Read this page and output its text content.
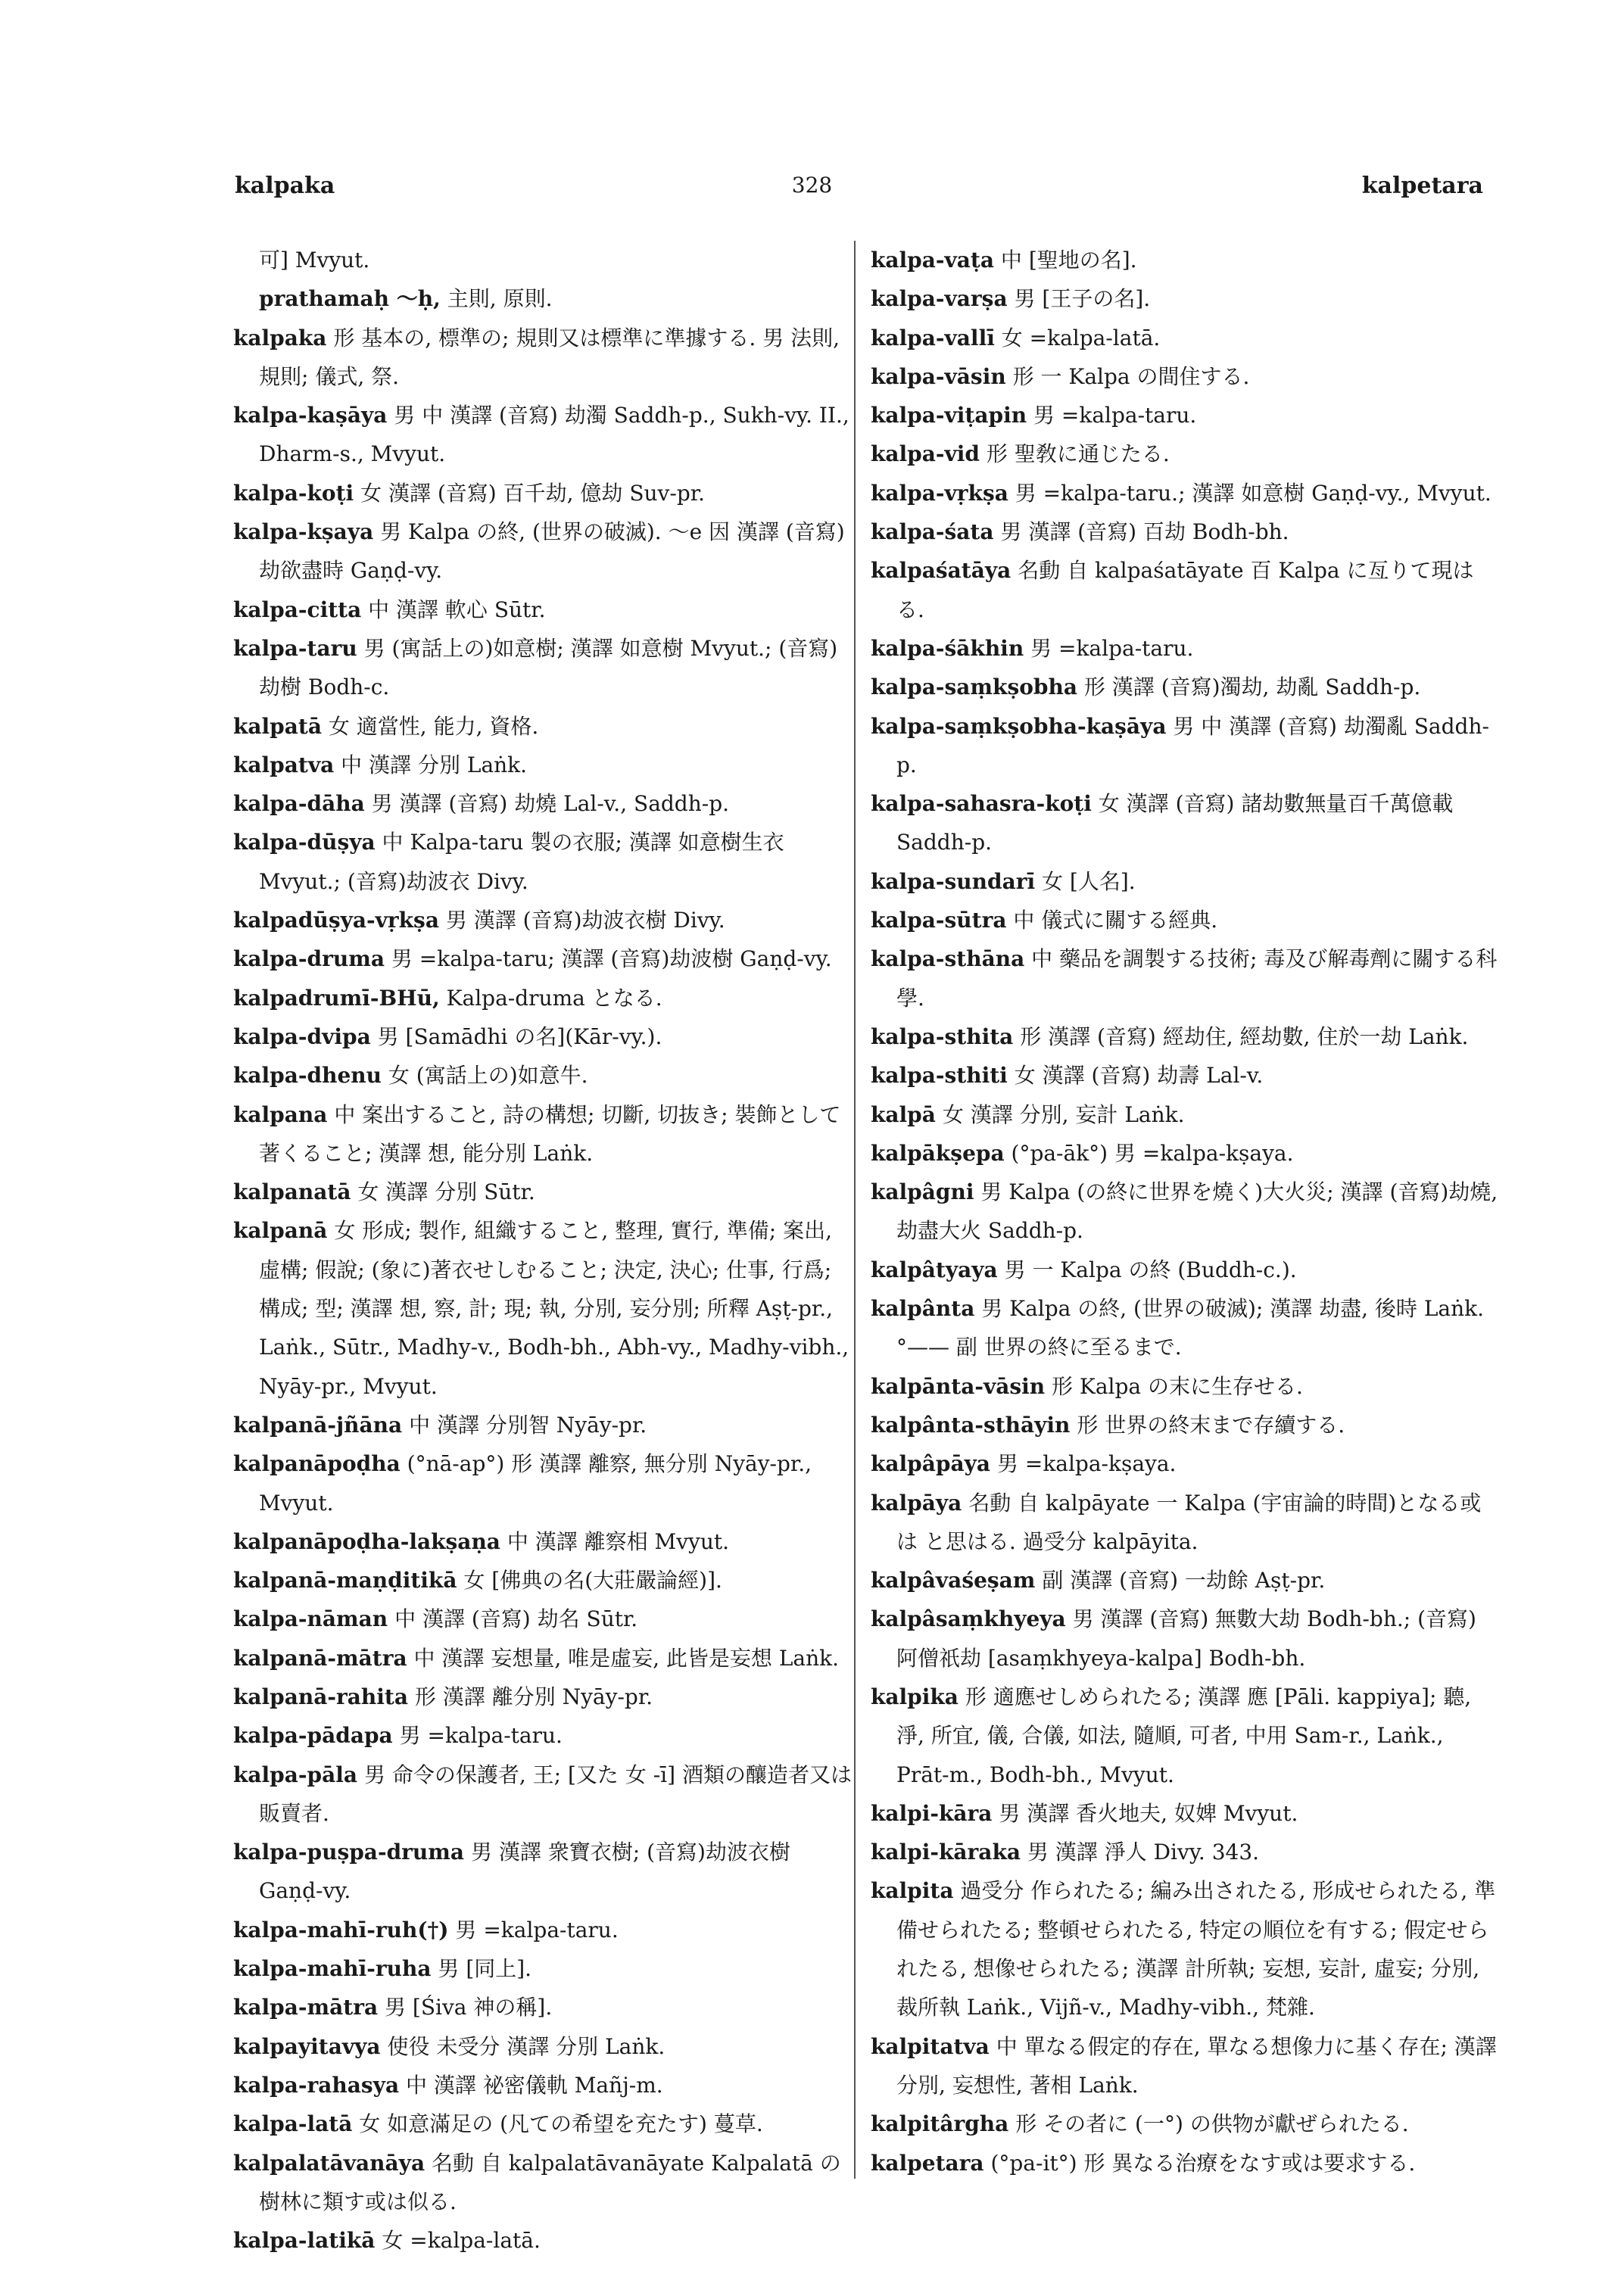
kalpaka	328	kalpetara

可] Mvyut.

prathamaḥ ～ḥ, 主則, 原則.

kalpaka 形 基本の, 標準の; 規則又は標準に準據する. 男 法則, 規則; 儀式, 祭.

kalpa-kaṣāya 男 中 漢譯 (音寫) 劫濁 Saddh-p., Sukh-vy. II., Dharm-s., Mvyut.

kalpa-koṭi 女 漢譯 (音寫) 百千劫, 億劫 Suv-pr.

kalpa-kṣaya 男 Kalpa の終, (世界の破滅). ～e 因 漢譯 (音寫) 劫欲盡時 Gaṇḍ-vy.

kalpa-citta 中 漢譯 軟心 Sūtr.

kalpa-taru 男 (寓話上の)如意樹; 漢譯 如意樹 Mvyut.; (音寫)劫樹 Bodh-c.

kalpatā 女 適當性, 能力, 資格.

kalpatva 中 漢譯 分別 Laṅk.

kalpa-dāha 男 漢譯 (音寫) 劫燒 Lal-v., Saddh-p.

kalpa-dūṣya 中 Kalpa-taru 製の衣服; 漢譯 如意樹生衣 Mvyut.; (音寫)劫波衣 Divy.

kalpadūṣya-vṛkṣa 男 漢譯 (音寫)劫波衣樹 Divy.

kalpa-druma 男 =kalpa-taru; 漢譯 (音寫)劫波樹 Gaṇḍ-vy.

kalpadrumī-BHū, Kalpa-druma となる.

kalpa-dvipa 男 [Samādhi の名](Kār-vy.).

kalpa-dhenu 女 (寓話上の)如意牛.

kalpana 中 案出すること, 詩の構想; 切斷, 切抜き; 裝飾として著くること; 漢譯 想, 能分別 Laṅk.

kalpanatā 女 漢譯 分別 Sūtr.

kalpanā 女 形成; 製作, 組織すること, 整理, 實行, 準備; 案出, 虛構; 假說; (象に)著衣せしむること; 決定, 決心; 仕事, 行爲; 構成; 型; 漢譯 想, 察, 計; 現; 執, 分別, 妄分別; 所釋 Aṣṭ-pr., Laṅk., Sūtr., Madhy-v., Bodh-bh., Abh-vy., Madhy-vibh., Nyāy-pr., Mvyut.

kalpanā-jñāna 中 漢譯 分別智 Nyāy-pr.

kalpanāpoḍha (°nā-ap°) 形 漢譯 離察, 無分別 Nyāy-pr., Mvyut.

kalpanāpoḍha-lakṣaṇa 中 漢譯 離察相 Mvyut.

kalpanā-maṇḍitikā 女 [佛典の名(大莊嚴論經)].

kalpa-nāman 中 漢譯 (音寫) 劫名 Sūtr.

kalpanā-mātra 中 漢譯 妄想量, 唯是虛妄, 此皆是妄想 Laṅk.

kalpanā-rahita 形 漢譯 離分別 Nyāy-pr.

kalpa-pādapa 男 =kalpa-taru.

kalpa-pāla 男 命令の保護者, 王; [又た 女 -ī] 酒類の釀造者又は販賣者.

kalpa-puṣpa-druma 男 漢譯 衆寶衣樹; (音寫)劫波衣樹 Gaṇḍ-vy.

kalpa-mahī-ruh(†) 男 =kalpa-taru.

kalpa-mahī-ruha 男 [同上].

kalpa-mātra 男 [Śiva 神の稱].

kalpayitavya 使役 未受分 漢譯 分別 Laṅk.

kalpa-rahasya 中 漢譯 祕密儀軌 Mañj-m.

kalpa-latā 女 如意滿足の (凡ての希望を充たす) 蔓草.

kalpalatāvanāya 名動 自 kalpalatāvanāyate Kalpalatā の樹林に類す或は似る.

kalpa-latikā 女 =kalpa-latā.

kalpa-vaṭa 中 [聖地の名].

kalpa-varṣa 男 [王子の名].

kalpa-vallī 女 =kalpa-latā.

kalpa-vāsin 形 一 Kalpa の間住する.

kalpa-viṭapin 男 =kalpa-taru.

kalpa-vid 形 聖敎に通じたる.

kalpa-vṛkṣa 男 =kalpa-taru.; 漢譯 如意樹 Gaṇḍ-vy., Mvyut.

kalpa-śata 男 漢譯 (音寫) 百劫 Bodh-bh.

kalpaśatāya 名動 自 kalpaśatāyate 百 Kalpa に亙りて現はる.

kalpa-śākhin 男 =kalpa-taru.

kalpa-saṃkṣobha 形 漢譯 (音寫)濁劫, 劫亂 Saddh-p.

kalpa-saṃkṣobha-kaṣāya 男 中 漢譯 (音寫) 劫濁亂 Saddh-p.

kalpa-sahasra-koṭi 女 漢譯 (音寫) 諸劫數無量百千萬億載 Saddh-p.

kalpa-sundarī 女 [人名].

kalpa-sūtra 中 儀式に關する經典.

kalpa-sthāna 中 藥品を調製する技術; 毒及び解毒劑に關する科學.

kalpa-sthita 形 漢譯 (音寫) 經劫住, 經劫數, 住於一劫 Laṅk.

kalpa-sthiti 女 漢譯 (音寫) 劫壽 Lal-v.

kalpā 女 漢譯 分別, 妄計 Laṅk.

kalpākṣepa (°pa-āk°) 男 =kalpa-kṣaya.

kalpâgni 男 Kalpa (の終に世界を燒く)大火災; 漢譯 (音寫)劫燒, 劫盡大火 Saddh-p.

kalpâtyaya 男 一 Kalpa の終 (Buddh-c.).

kalpânta 男 Kalpa の終, (世界の破滅); 漢譯 劫盡, 後時 Laṅk. °—— 副 世界の終に至るまで.

kalpānta-vāsin 形 Kalpa の末に生存せる.

kalpânta-sthāyin 形 世界の終末まで存續する.

kalpâpāya 男 =kalpa-kṣaya.

kalpāya 名動 自 kalpāyate 一 Kalpa (宇宙論的時間)となる或は と思はる. 過受分 kalpāyita.

kalpâvaśeṣam 副 漢譯 (音寫) 一劫餘 Aṣṭ-pr.

kalpâsaṃkhyeya 男 漢譯 (音寫) 無數大劫 Bodh-bh.; (音寫) 阿僧祇劫 [asaṃkhyeya-kalpa] Bodh-bh.

kalpika 形 適應せしめられたる; 漢譯 應 [Pāli. kappiya]; 聽, 淨, 所宜, 儀, 合儀, 如法, 隨順, 可者, 中用 Sam-r., Laṅk., Prāt-m., Bodh-bh., Mvyut.

kalpi-kāra 男 漢譯 香火地夫, 奴婢 Mvyut.

kalpi-kāraka 男 漢譯 淨人 Divy. 343.

kalpita 過受分 作られたる; 編み出されたる, 形成せられたる, 準備せられたる; 整頓せられたる, 特定の順位を有する; 假定せられたる, 想像せられたる; 漢譯 計所執; 妄想, 妄計, 虛妄; 分別, 裁所執 Laṅk., Vijñ-v., Madhy-vibh., 梵雜.

kalpitatva 中 單なる假定的存在, 單なる想像力に基く存在; 漢譯 分別, 妄想性, 著相 Laṅk.

kalpitârgha 形 その者に (一°) の供物が獻ぜられたる.

kalpetara (°pa-it°) 形 異なる治療をなす或は要求する.
